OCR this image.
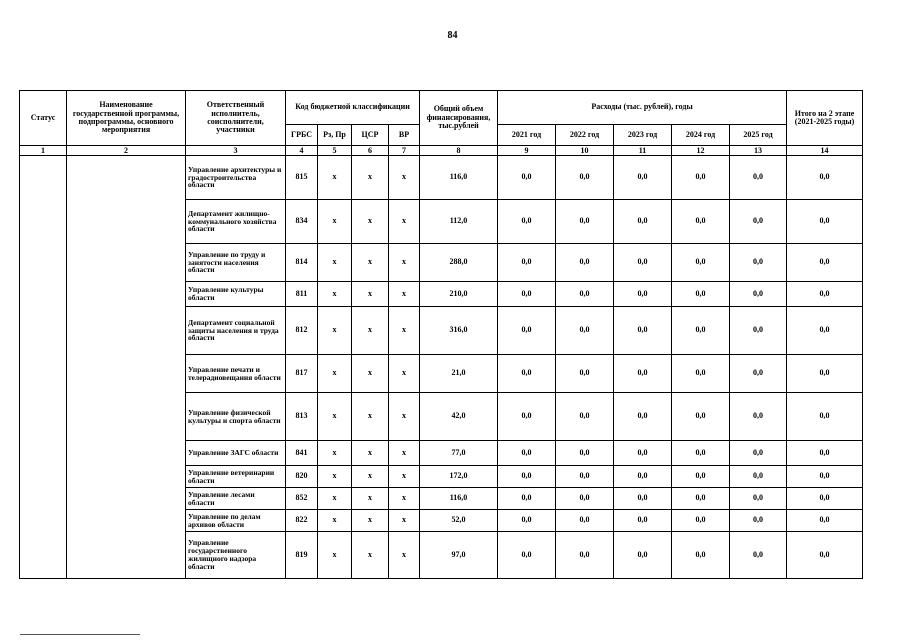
84
Статус	Наименование государственной программы, подпрограммы, основного мероприятия	Ответственный исполнитель, соисполнители, участники	Код бюджетной классификации				Общий объем финансирования, тыс.рублей	Расходы (тыс. рублей), годы					Итого на 2 этапе (2021-2025 годы)
			ГРБС	Рз, Пр	ЦСР	ВР		2021 год	2022 год	2023 год	2024 год	2025 год	
1	2	3	4	5	6	7	8	9	10	11	12	13	14
		Управление архитектуры и градостроительства области	815	x	x	x	116,0	0,0	0,0	0,0	0,0	0,0	0,0
		Департамент жилищно-коммунального хозяйства области	834	x	x	x	112,0	0,0	0,0	0,0	0,0	0,0	0,0
		Управление по труду и занятости населения области	814	x	x	x	288,0	0,0	0,0	0,0	0,0	0,0	0,0
		Управление культуры области	811	x	x	x	210,0	0,0	0,0	0,0	0,0	0,0	0,0
		Департамент социальной защиты населения и труда области	812	x	x	x	316,0	0,0	0,0	0,0	0,0	0,0	0,0
		Управление печати и телерадиовещания области	817	x	x	x	21,0	0,0	0,0	0,0	0,0	0,0	0,0
		Управление физической культуры и спорта области	813	x	x	x	42,0	0,0	0,0	0,0	0,0	0,0	0,0
		Управление ЗАГС области	841	x	x	x	77,0	0,0	0,0	0,0	0,0	0,0	0,0
		Управление ветеринарии области	820	x	x	x	172,0	0,0	0,0	0,0	0,0	0,0	0,0
		Управление лесами области	852	x	x	x	116,0	0,0	0,0	0,0	0,0	0,0	0,0
		Управление по делам архивов области	822	x	x	x	52,0	0,0	0,0	0,0	0,0	0,0	0,0
		Управление государственного жилищного надзора области	819	x	x	x	97,0	0,0	0,0	0,0	0,0	0,0	0,0
